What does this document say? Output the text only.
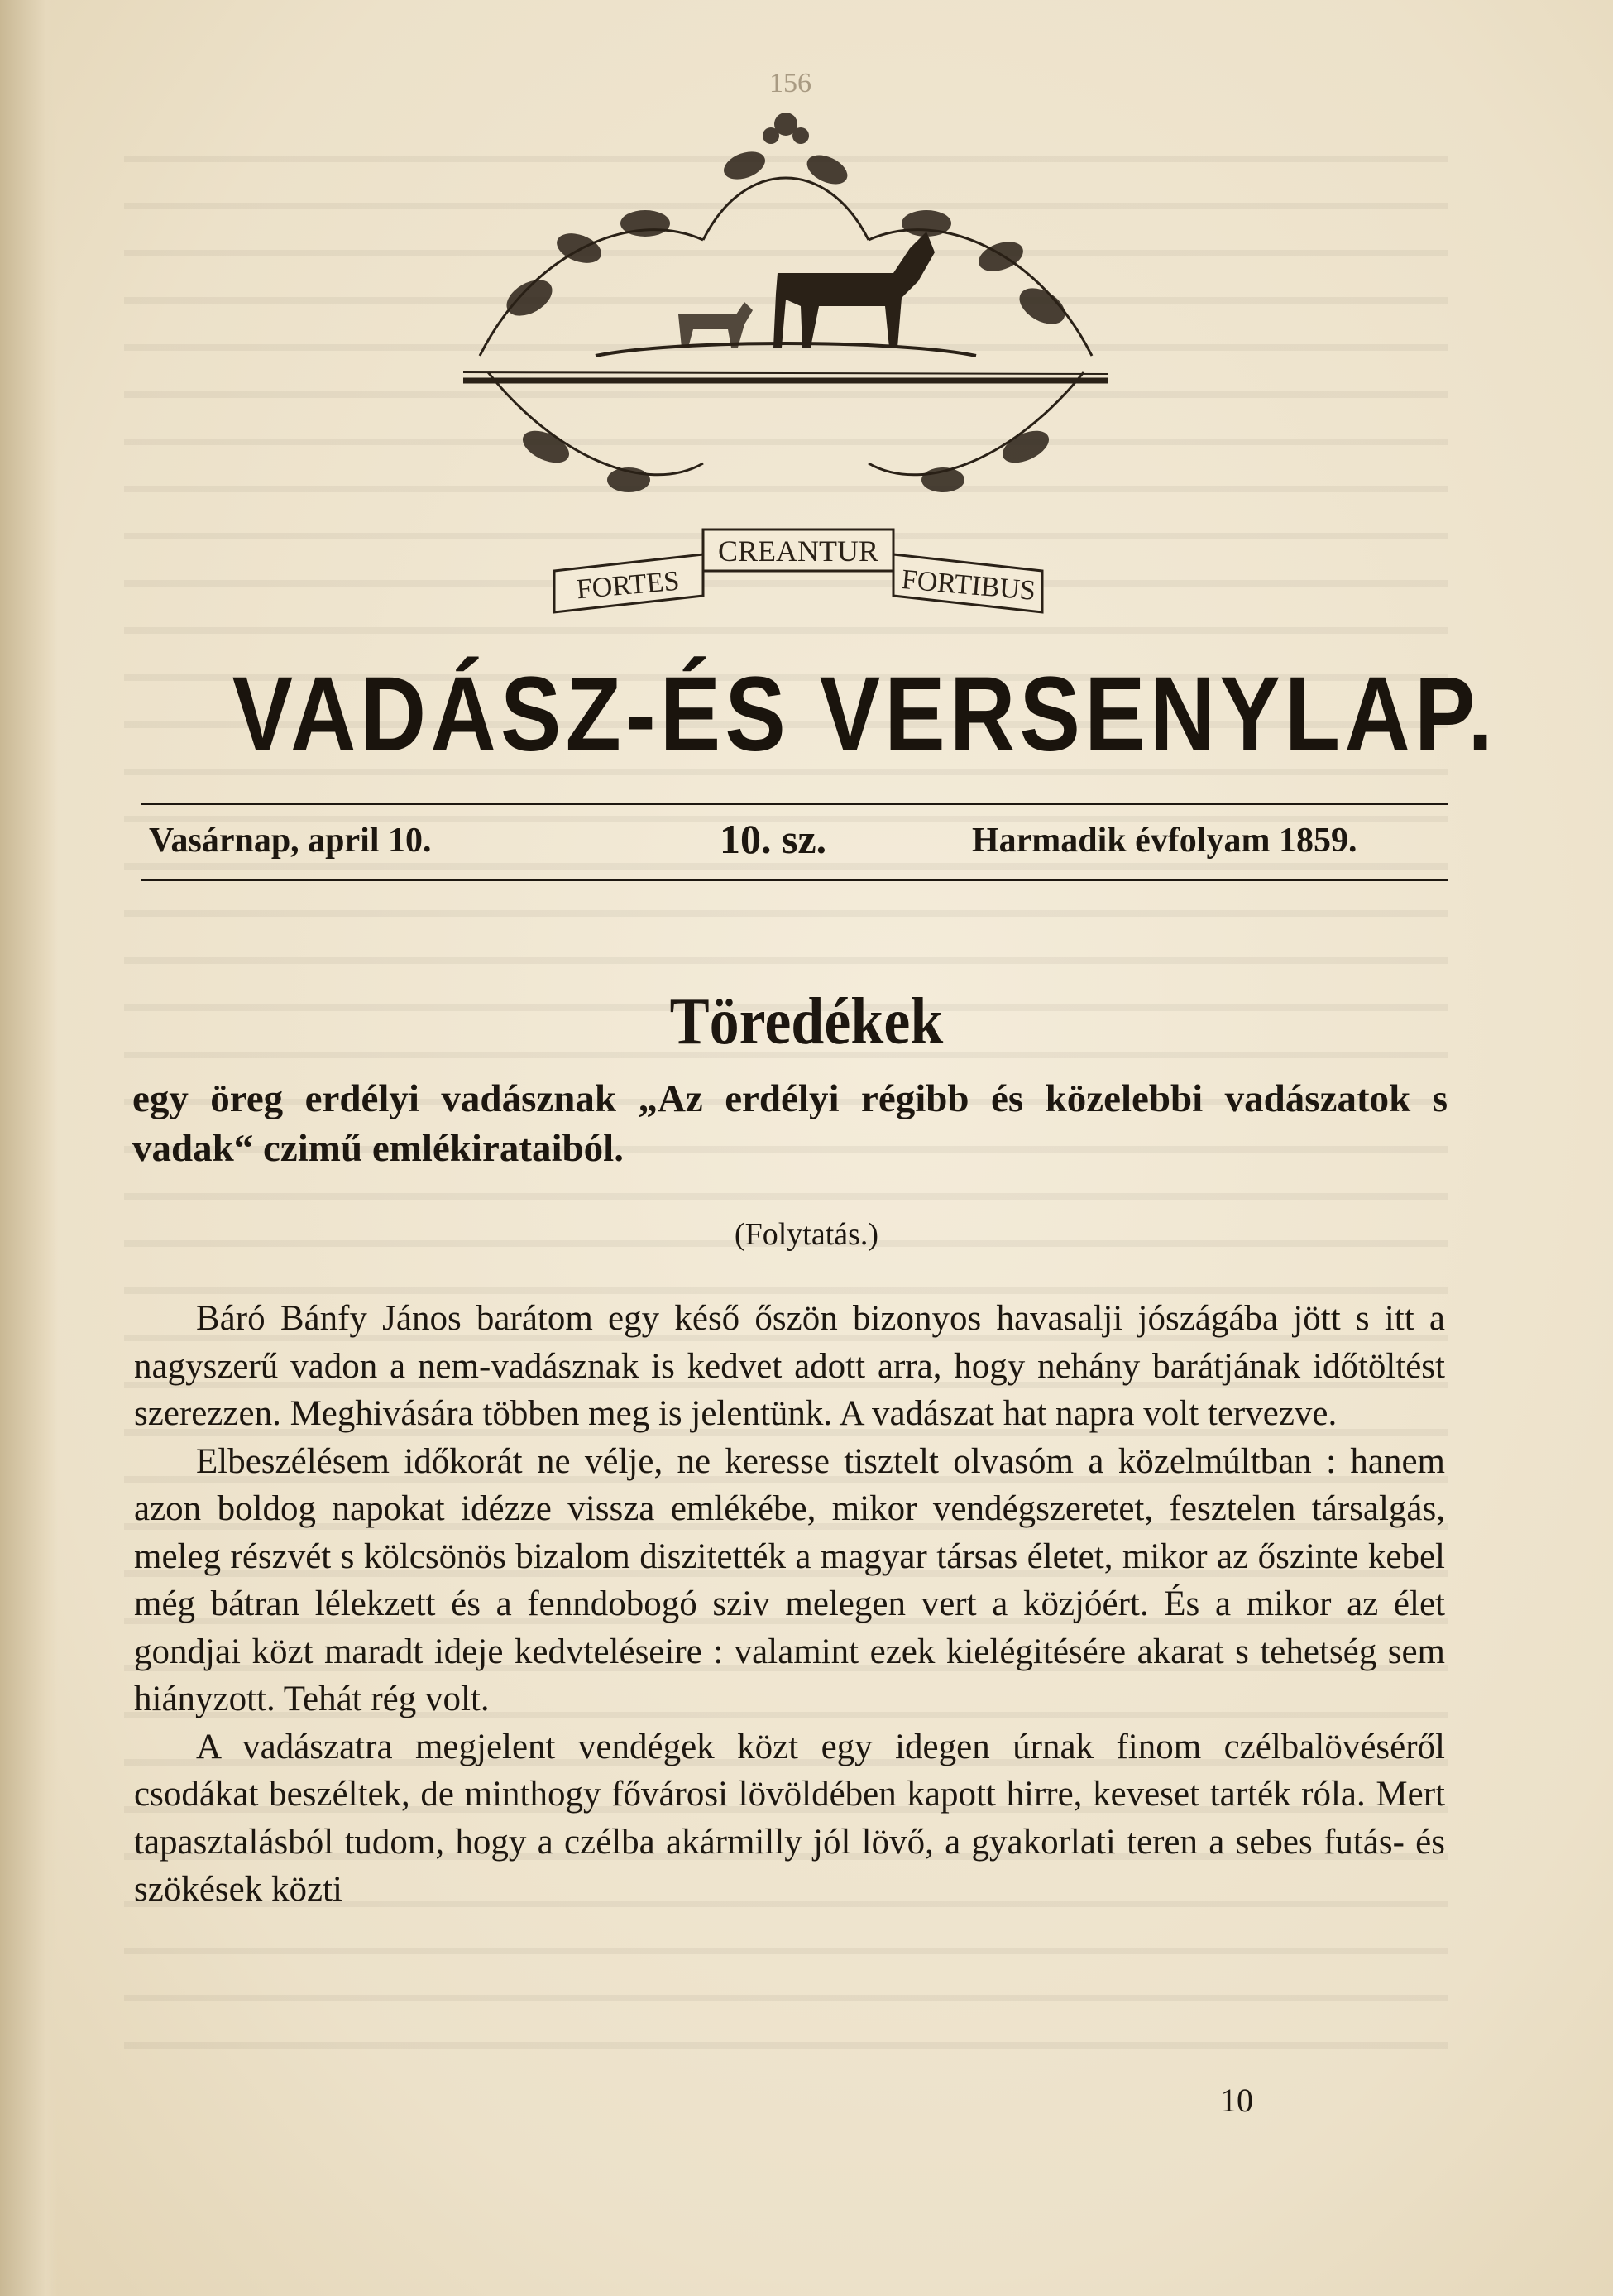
156
FORTES
CREANTUR
FORTIBUS
VADÁSZ-ÉS VERSENYLAP.
Vasárnap, april 10.	10. sz.	Harmadik évfolyam 1859.
Töredékek
egy öreg erdélyi vadásznak „Az erdélyi régibb és közelebbi vadászatok s vadak“ czimű emlékirataiból.
(Folytatás.)

Báró Bánfy János barátom egy késő őszön bizonyos havasalji jószágába jött s itt a nagyszerű vadon a nem-vadásznak is kedvet adott arra, hogy nehány barátjának időtöltést szerezzen. Meghivására többen meg is jelentünk. A vadászat hat napra volt tervezve.

Elbeszélésem időkorát ne vélje, ne keresse tisztelt olvasóm a közelmúltban : hanem azon boldog napokat idézze vissza emlékébe, mikor vendégszeretet, fesztelen társalgás, meleg részvét s kölcsönös bizalom diszitették a magyar társas életet, mikor az őszinte kebel még bátran lélekzett és a fenndobogó sziv melegen vert a közjóért. És a mikor az élet gondjai közt maradt ideje kedvteléseire : valamint ezek kielégitésére akarat s tehetség sem hiányzott. Tehát rég volt.

A vadászatra megjelent vendégek közt egy idegen úrnak finom czélbalövéséről csodákat beszéltek, de minthogy fővárosi lövöldében kapott hirre, keveset tarték róla. Mert tapasztalásból tudom, hogy a czélba akármilly jól lövő, a gyakorlati teren a sebes futás- és szökések közti

10
